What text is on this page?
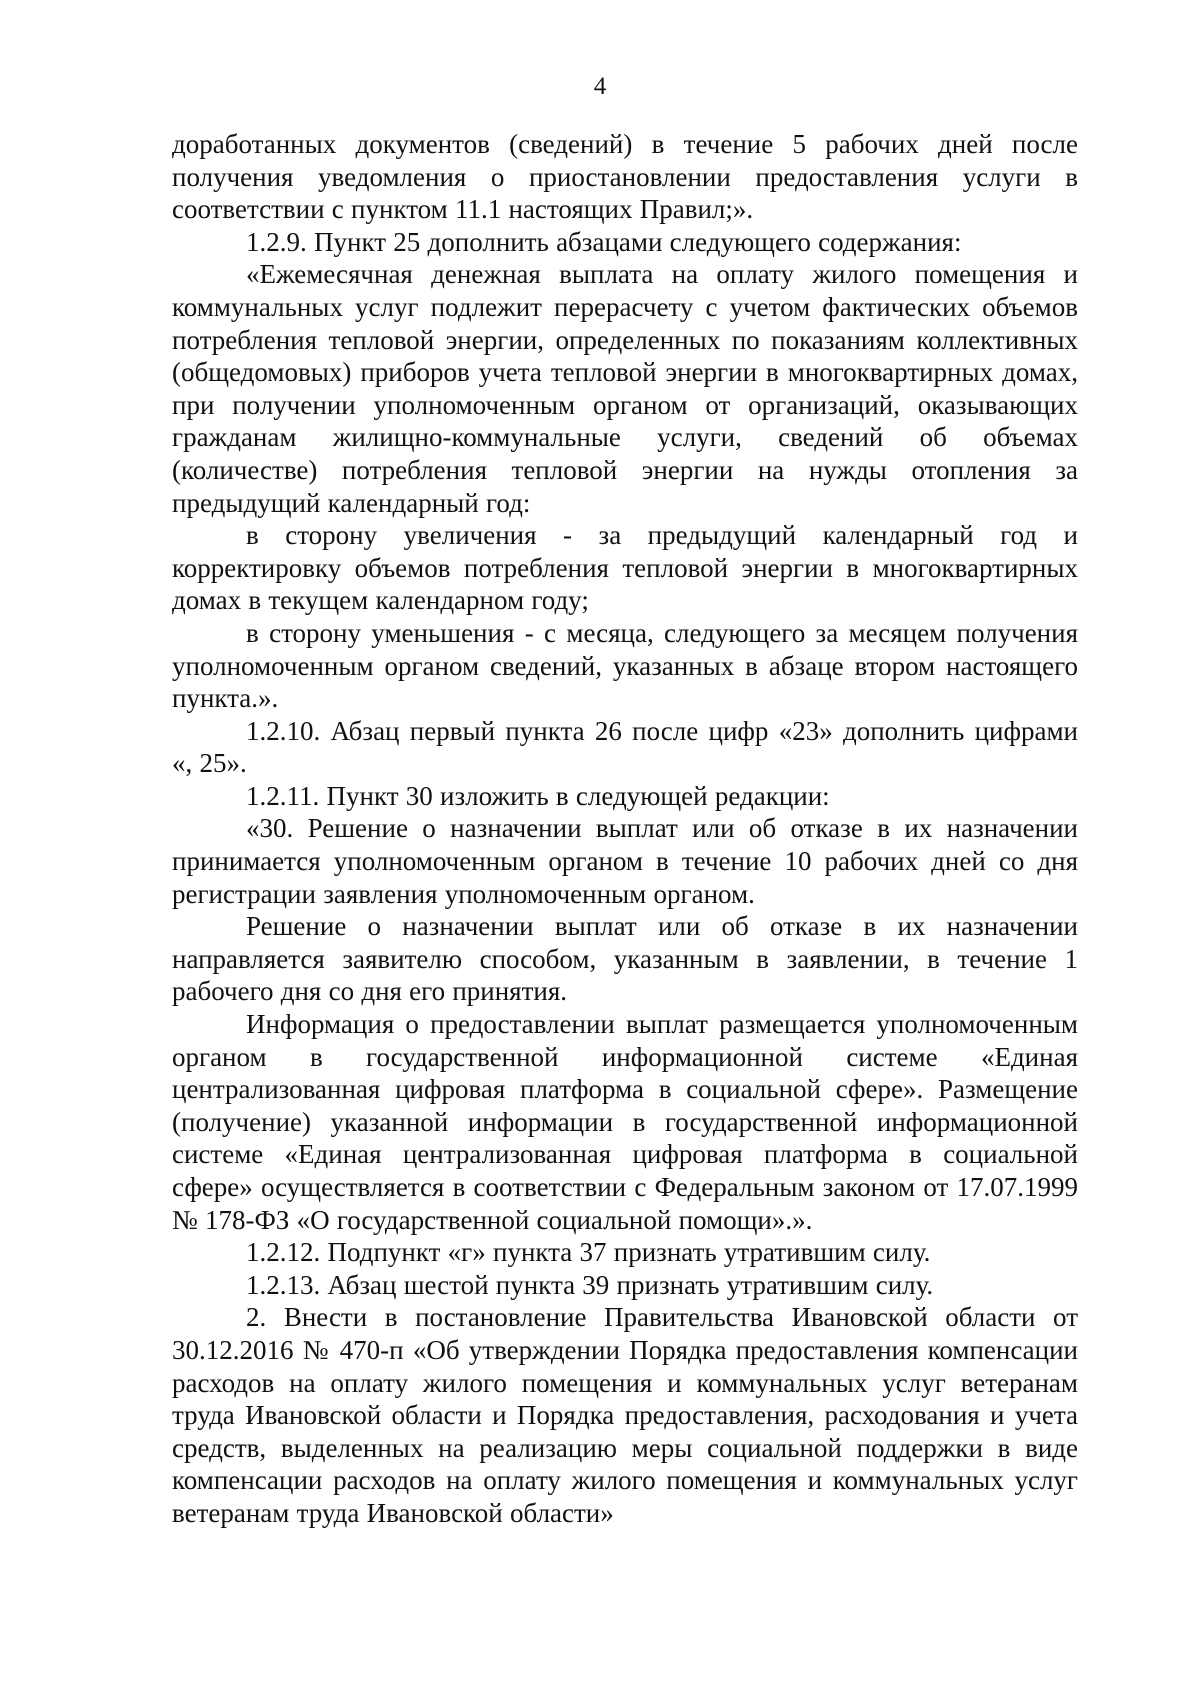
4

доработанных документов (сведений) в течение 5 рабочих дней после получения уведомления о приостановлении предоставления услуги в соответствии с пунктом 11.1 настоящих Правил;».

1.2.9. Пункт 25 дополнить абзацами следующего содержания:

«Ежемесячная денежная выплата на оплату жилого помещения и коммунальных услуг подлежит перерасчету с учетом фактических объемов потребления тепловой энергии, определенных по показаниям коллективных (общедомовых) приборов учета тепловой энергии в многоквартирных домах, при получении уполномоченным органом от организаций, оказывающих гражданам жилищно-коммунальные услуги, сведений об объемах (количестве) потребления тепловой энергии на нужды отопления за предыдущий календарный год:

в сторону увеличения - за предыдущий календарный год и корректировку объемов потребления тепловой энергии в многоквартирных домах в текущем календарном году;

в сторону уменьшения - с месяца, следующего за месяцем получения уполномоченным органом сведений, указанных в абзаце втором настоящего пункта.».

1.2.10. Абзац первый пункта 26 после цифр «23» дополнить цифрами «, 25».

1.2.11. Пункт 30 изложить в следующей редакции:

«30. Решение о назначении выплат или об отказе в их назначении принимается уполномоченным органом в течение 10 рабочих дней со дня регистрации заявления уполномоченным органом.

Решение о назначении выплат или об отказе в их назначении направляется заявителю способом, указанным в заявлении, в течение 1 рабочего дня со дня его принятия.

Информация о предоставлении выплат размещается уполномоченным органом в государственной информационной системе «Единая централизованная цифровая платформа в социальной сфере». Размещение (получение) указанной информации в государственной информационной системе «Единая централизованная цифровая платформа в социальной сфере» осуществляется в соответствии с Федеральным законом от 17.07.1999 № 178-ФЗ «О государственной социальной помощи».».

1.2.12. Подпункт «г» пункта 37 признать утратившим силу.

1.2.13. Абзац шестой пункта 39 признать утратившим силу.

2. Внести в постановление Правительства Ивановской области от 30.12.2016 № 470-п «Об утверждении Порядка предоставления компенсации расходов на оплату жилого помещения и коммунальных услуг ветеранам труда Ивановской области и Порядка предоставления, расходования и учета средств, выделенных на реализацию меры социальной поддержки в виде компенсации расходов на оплату жилого помещения и коммунальных услуг ветеранам труда Ивановской области»
